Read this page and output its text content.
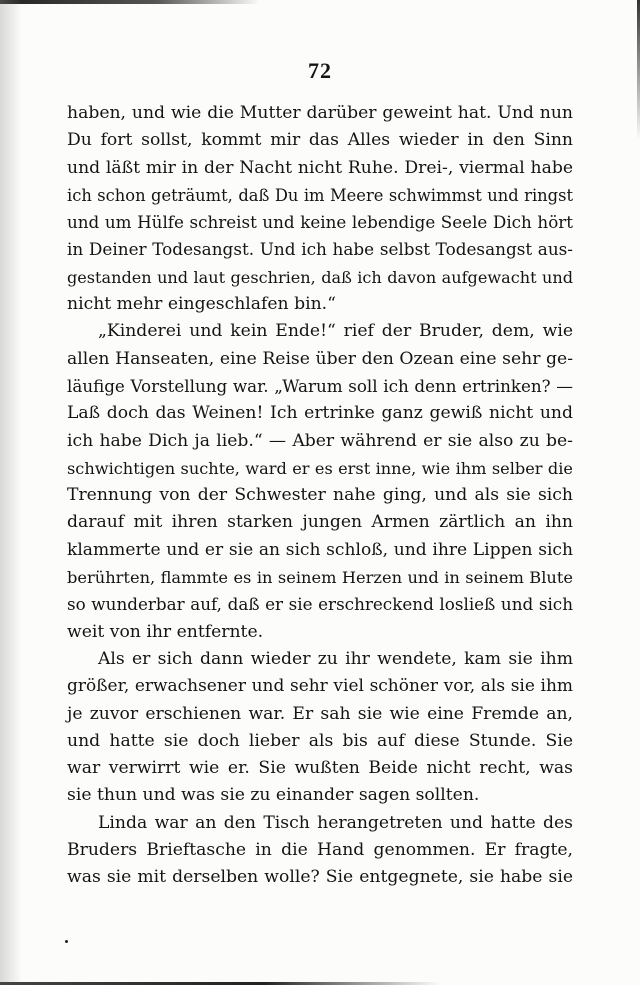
72
haben, und wie die Mutter darüber geweint hat. Und nun
Du fort sollst, kommt mir das Alles wieder in den Sinn
und läßt mir in der Nacht nicht Ruhe. Drei-, viermal habe
ich schon geträumt, daß Du im Meere schwimmst und ringst
und um Hülfe schreist und keine lebendige Seele Dich hört
in Deiner Todesangst. Und ich habe selbst Todesangst aus-
gestanden und laut geschrien, daß ich davon aufgewacht und
nicht mehr eingeschlafen bin.“
„Kinderei und kein Ende!“ rief der Bruder, dem, wie
allen Hanseaten, eine Reise über den Ozean eine sehr ge-
läufige Vorstellung war. „Warum soll ich denn ertrinken? —
Laß doch das Weinen! Ich ertrinke ganz gewiß nicht und
ich habe Dich ja lieb.“ — Aber während er sie also zu be-
schwichtigen suchte, ward er es erst inne, wie ihm selber die
Trennung von der Schwester nahe ging, und als sie sich
darauf mit ihren starken jungen Armen zärtlich an ihn
klammerte und er sie an sich schloß, und ihre Lippen sich
berührten, flammte es in seinem Herzen und in seinem Blute
so wunderbar auf, daß er sie erschreckend losließ und sich
weit von ihr entfernte.
Als er sich dann wieder zu ihr wendete, kam sie ihm
größer, erwachsener und sehr viel schöner vor, als sie ihm
je zuvor erschienen war. Er sah sie wie eine Fremde an,
und hatte sie doch lieber als bis auf diese Stunde. Sie
war verwirrt wie er. Sie wußten Beide nicht recht, was
sie thun und was sie zu einander sagen sollten.
Linda war an den Tisch herangetreten und hatte des
Bruders Brieftasche in die Hand genommen. Er fragte,
was sie mit derselben wolle? Sie entgegnete, sie habe sie
